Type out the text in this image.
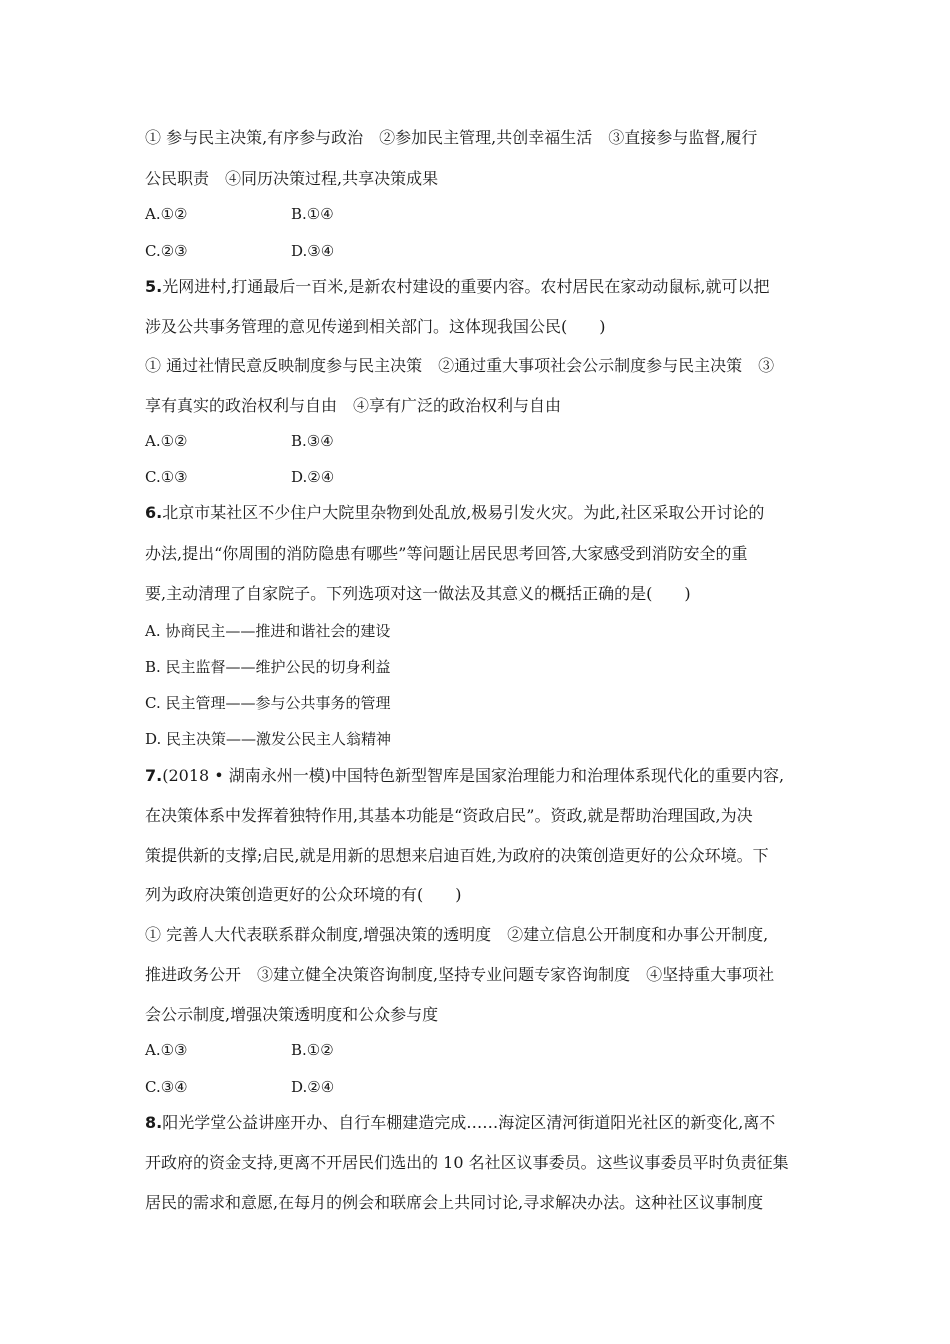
① 参与民主决策,有序参与政治　②参加民主管理,共创幸福生活　③直接参与监督,履行
公民职责　④同历决策过程,共享决策成果
A.①②	B.①④
C.②③	D.③④
5.光网进村,打通最后一百米,是新农村建设的重要内容。农村居民在家动动鼠标,就可以把
涉及公共事务管理的意见传递到相关部门。这体现我国公民(　　)
① 通过社情民意反映制度参与民主决策　②通过重大事项社会公示制度参与民主决策　③
享有真实的政治权利与自由　④享有广泛的政治权利与自由
A.①②	B.③④
C.①③	D.②④
6.北京市某社区不少住户大院里杂物到处乱放,极易引发火灾。为此,社区采取公开讨论的
办法,提出“你周围的消防隐患有哪些”等问题让居民思考回答,大家感受到消防安全的重
要,主动清理了自家院子。下列选项对这一做法及其意义的概括正确的是(　　)
A. 协商民主——推进和谐社会的建设
B. 民主监督——维护公民的切身利益
C. 民主管理——参与公共事务的管理
D. 民主决策——激发公民主人翁精神
7.(2018 • 湖南永州一模)中国特色新型智库是国家治理能力和治理体系现代化的重要内容,
在决策体系中发挥着独特作用,其基本功能是“资政启民”。资政,就是帮助治理国政,为决
策提供新的支撑;启民,就是用新的思想来启迪百姓,为政府的决策创造更好的公众环境。下
列为政府决策创造更好的公众环境的有(　　)
① 完善人大代表联系群众制度,增强决策的透明度　②建立信息公开制度和办事公开制度,
推进政务公开　③建立健全决策咨询制度,坚持专业问题专家咨询制度　④坚持重大事项社
会公示制度,增强决策透明度和公众参与度
A.①③	B.①②
C.③④	D.②④
8.阳光学堂公益讲座开办、自行车棚建造完成……海淀区清河街道阳光社区的新变化,离不
开政府的资金支持,更离不开居民们选出的 10 名社区议事委员。这些议事委员平时负责征集
居民的需求和意愿,在每月的例会和联席会上共同讨论,寻求解决办法。这种社区议事制度
